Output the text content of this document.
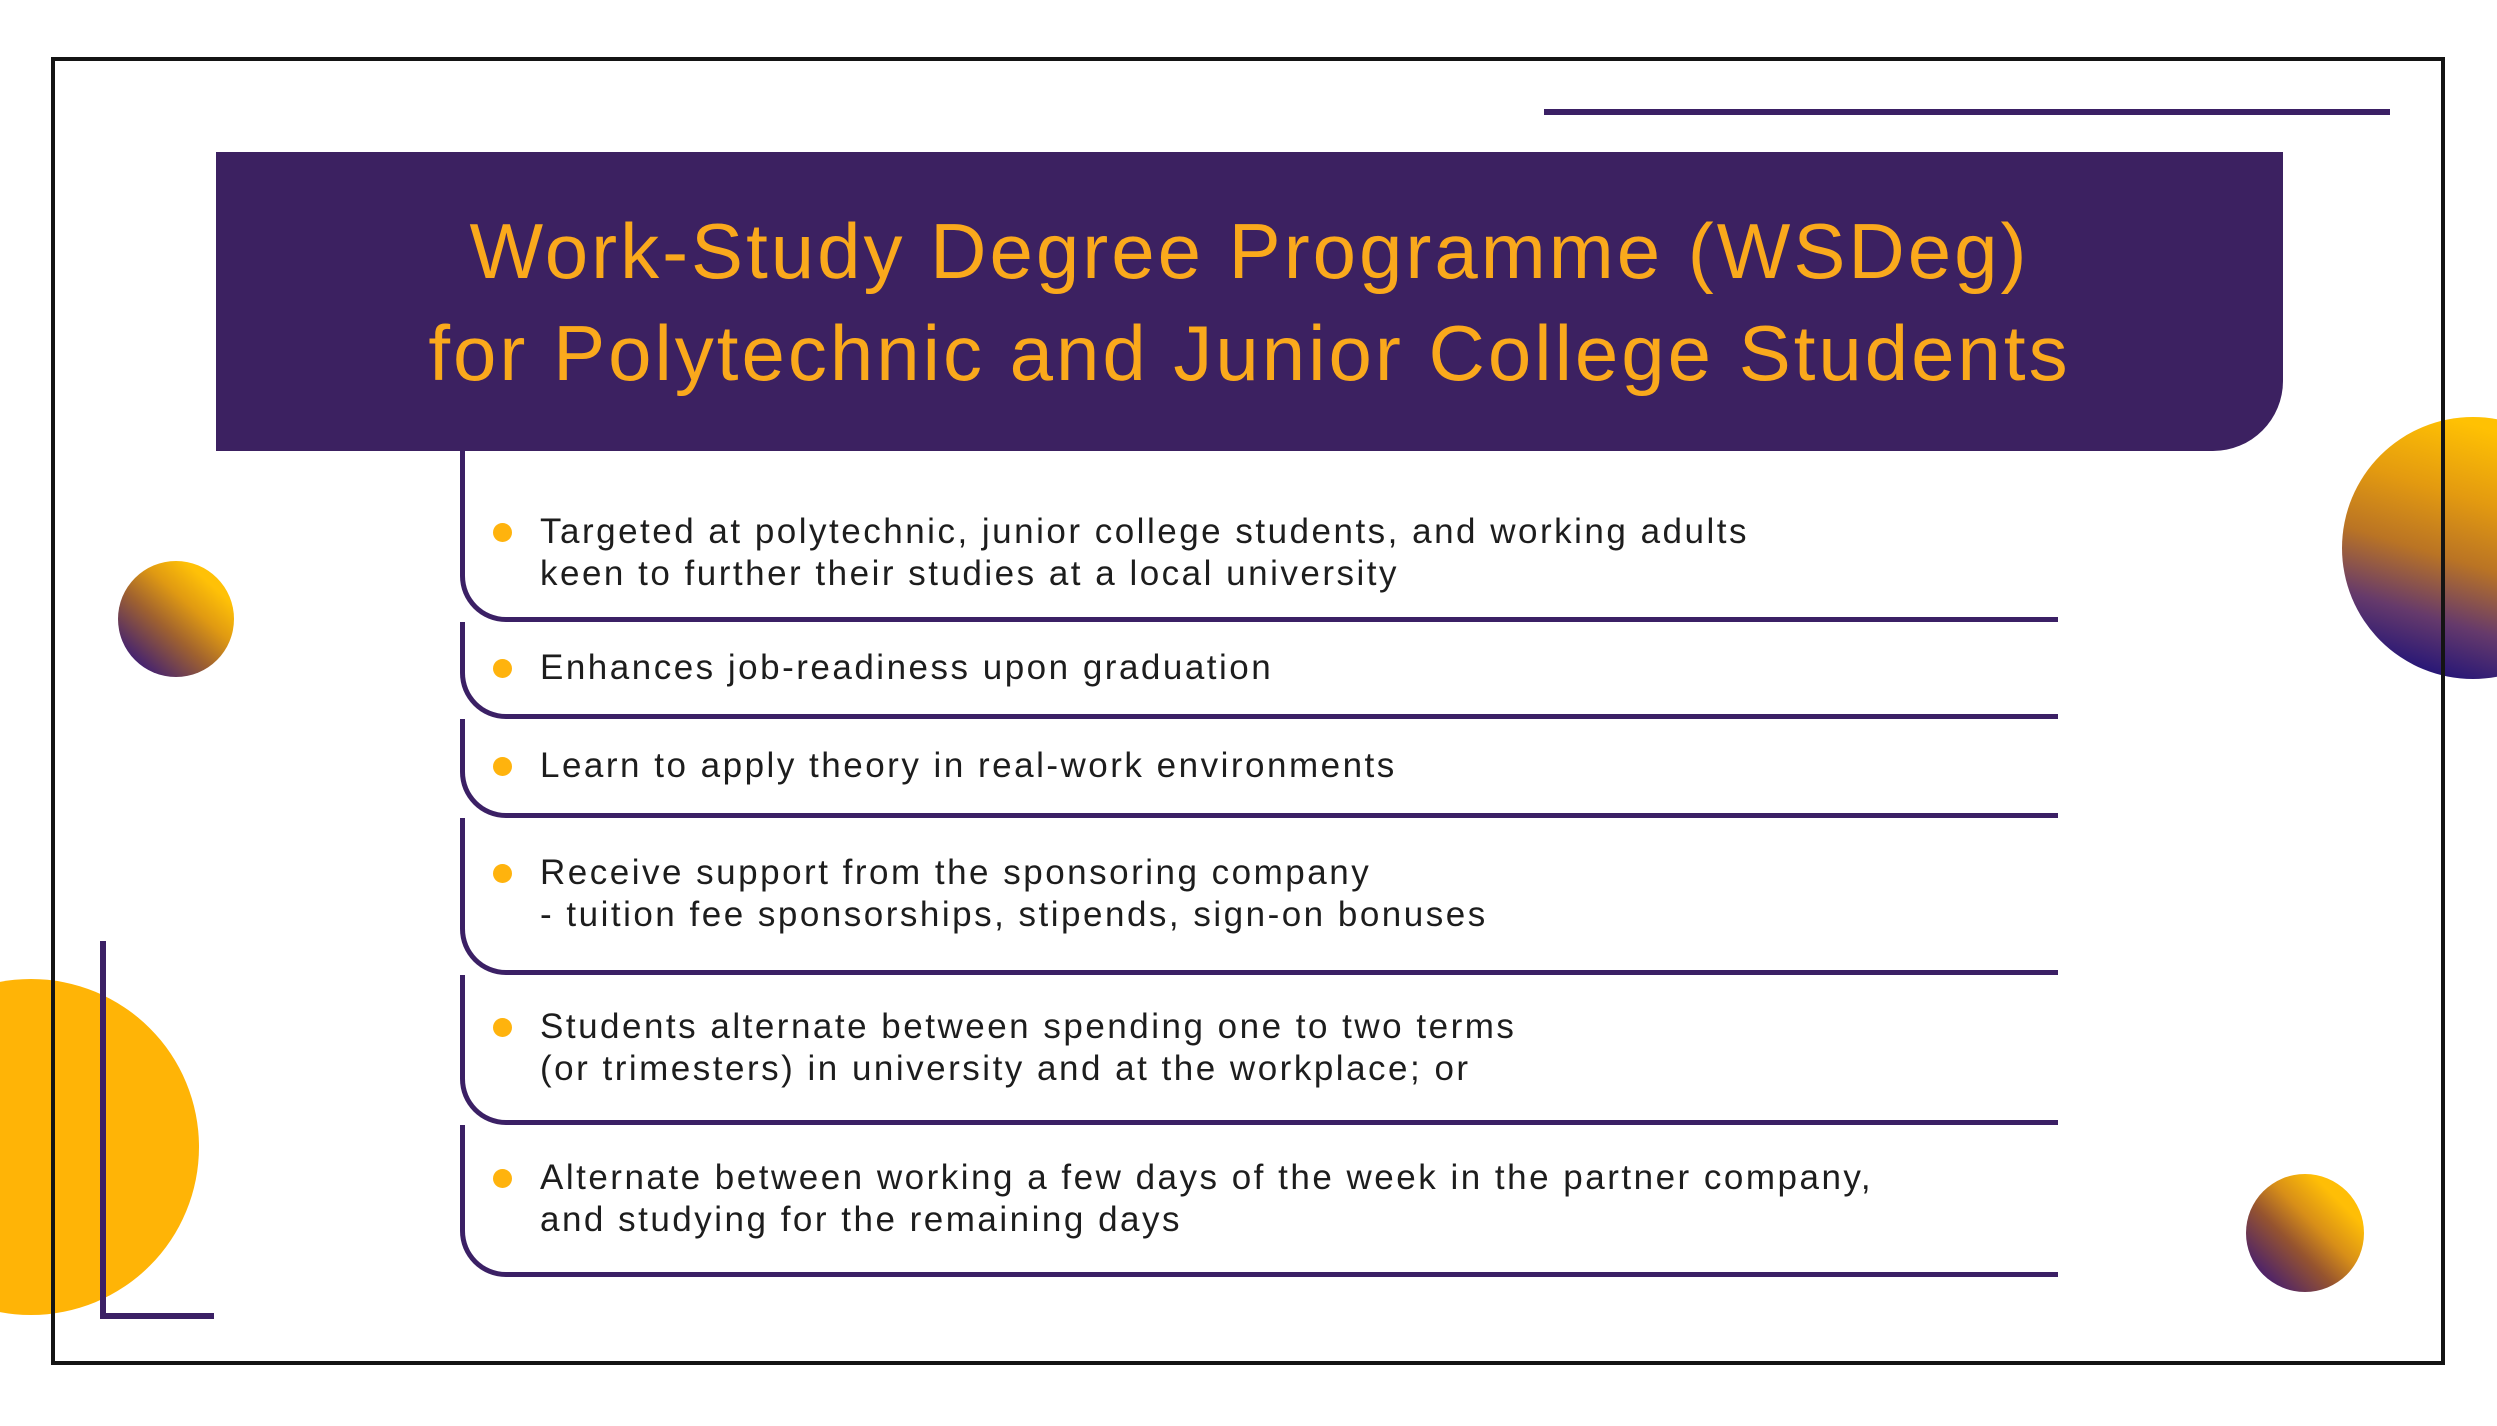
Work-Study Degree Programme (WSDeg)
for Polytechnic and Junior College Students
Targeted at polytechnic, junior college students, and working adults
keen to further their studies at a local university
Enhances job-readiness upon graduation
Learn to apply theory in real-work environments
Receive support from the sponsoring company
- tuition fee sponsorships, stipends, sign-on bonuses
Students alternate between spending one to two terms
(or trimesters) in university and at the workplace; or
Alternate between working a few days of the week in the partner company,
and studying for the remaining days
